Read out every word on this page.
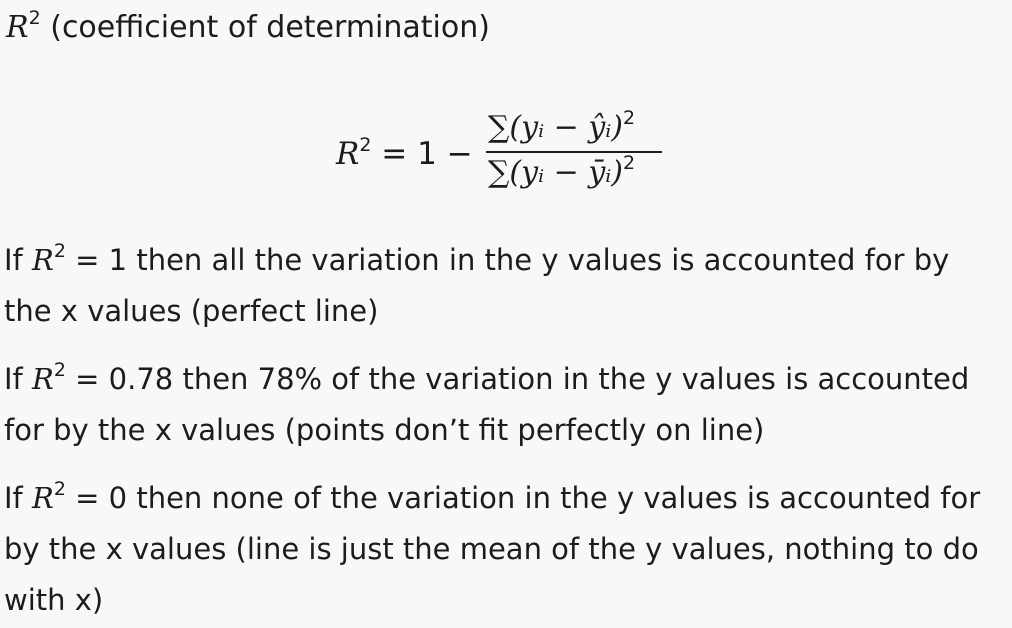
$R^2$ (coefficient of determination)
$R^2 = 1$ −
∑(yᵢ − ŷᵢ)$^2$
∑(yᵢ − ȳᵢ)$^2$
If $R^2 = 1$ then all the variation in the y values is accounted for by the x values (perfect line)
If $R^2 = 0.78$ then 78% of the variation in the y values is accounted for by the x values (points don’t fit perfectly on line)
If $R^2 = 0$ then none of the variation in the y values is accounted for by the x values (line is just the mean of the y values, nothing to do with x)
